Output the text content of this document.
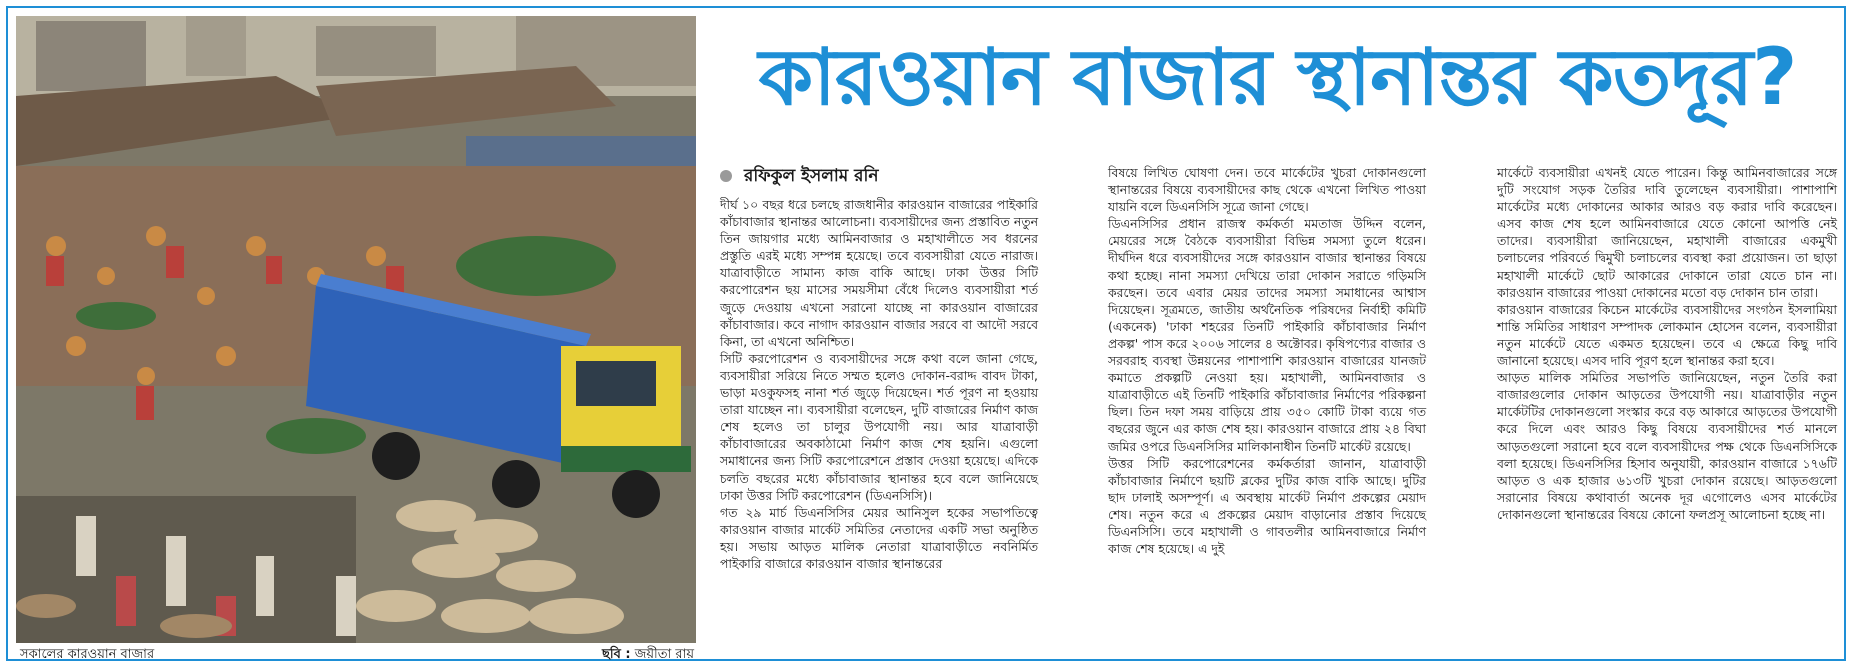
সকালের কারওয়ান বাজার	ছবি : জয়ীতা রায়
কারওয়ান বাজার স্থানান্তর কতদূর?
রফিকুল ইসলাম রনি

দীর্ঘ ১০ বছর ধরে চলছে রাজধানীর কারওয়ান বাজারের পাইকারি কাঁচাবাজার স্থানান্তর আলোচনা। ব্যবসায়ীদের জন্য প্রস্তাবিত নতুন তিন জায়গার মধ্যে আমিনবাজার ও মহাখালীতে সব ধরনের প্রস্তুতি এরই মধ্যে সম্পন্ন হয়েছে। তবে ব্যবসায়ীরা যেতে নারাজ। যাত্রাবাড়ীতে সামান্য কাজ বাকি আছে। ঢাকা উত্তর সিটি করপোরেশন ছয় মাসের সময়সীমা বেঁধে দিলেও ব্যবসায়ীরা শর্ত জুড়ে দেওয়ায় এখনো সরানো যাচ্ছে না কারওয়ান বাজারের কাঁচাবাজার। কবে নাগাদ কারওয়ান বাজার সরবে বা আদৌ সরবে কিনা, তা এখনো অনিশ্চিত।

সিটি করপোরেশন ও ব্যবসায়ীদের সঙ্গে কথা বলে জানা গেছে, ব্যবসায়ীরা সরিয়ে নিতে সম্মত হলেও দোকান-বরাদ্দ বাবদ টাকা, ভাড়া মওকুফসহ নানা শর্ত জুড়ে দিয়েছেন। শর্ত পূরণ না হওয়ায় তারা যাচ্ছেন না। ব্যবসায়ীরা বলেছেন, দুটি বাজারের নির্মাণ কাজ শেষ হলেও তা চালুর উপযোগী নয়। আর যাত্রাবাড়ী কাঁচাবাজারের অবকাঠামো নির্মাণ কাজ শেষ হয়নি। এগুলো সমাধানের জন্য সিটি করপোরেশনে প্রস্তাব দেওয়া হয়েছে। এদিকে চলতি বছরের মধ্যে কাঁচাবাজার স্থানান্তর হবে বলে জানিয়েছে ঢাকা উত্তর সিটি করপোরেশন (ডিএনসিসি)।

গত ২৯ মার্চ ডিএনসিসির মেয়র আনিসুল হকের সভাপতিত্বে কারওয়ান বাজার মার্কেট সমিতির নেতাদের একটি সভা অনুষ্ঠিত হয়। সভায় আড়ত মালিক নেতারা যাত্রাবাড়ীতে নবনির্মিত পাইকারি বাজারে কারওয়ান বাজার স্থানান্তরের

বিষয়ে লিখিত ঘোষণা দেন। তবে মার্কেটের খুচরা দোকানগুলো স্থানান্তরের বিষয়ে ব্যবসায়ীদের কাছ থেকে এখনো লিখিত পাওয়া যায়নি বলে ডিএনসিসি সূত্রে জানা গেছে।

ডিএনসিসির প্রধান রাজস্ব কর্মকর্তা মমতাজ উদ্দিন বলেন, মেয়রের সঙ্গে বৈঠকে ব্যবসায়ীরা বিভিন্ন সমস্যা তুলে ধরেন। দীর্ঘদিন ধরে ব্যবসায়ীদের সঙ্গে কারওয়ান বাজার স্থানান্তর বিষয়ে কথা হচ্ছে। নানা সমস্যা দেখিয়ে তারা দোকান সরাতে গড়িমসি করছেন। তবে এবার মেয়র তাদের সমস্যা সমাধানের আশ্বাস দিয়েছেন। সূত্রমতে, জাতীয় অর্থনৈতিক পরিষদের নির্বাহী কমিটি (একনেক) 'ঢাকা শহরের তিনটি পাইকারি কাঁচাবাজার নির্মাণ প্রকল্প' পাস করে ২০০৬ সালের ৪ অক্টোবর। কৃষিপণ্যের বাজার ও সরবরাহ ব্যবস্থা উন্নয়নের পাশাপাশি কারওয়ান বাজারের যানজট কমাতে প্রকল্পটি নেওয়া হয়। মহাখালী, আমিনবাজার ও যাত্রাবাড়ীতে এই তিনটি পাইকারি কাঁচাবাজার নির্মাণের পরিকল্পনা ছিল। তিন দফা সময় বাড়িয়ে প্রায় ৩৫০ কোটি টাকা ব্যয়ে গত বছরের জুনে এর কাজ শেষ হয়। কারওয়ান বাজারে প্রায় ২৪ বিঘা জমির ওপরে ডিএনসিসির মালিকানাধীন তিনটি মার্কেট রয়েছে।

উত্তর সিটি করপোরেশনের কর্মকর্তারা জানান, যাত্রাবাড়ী কাঁচাবাজার নির্মাণে ছয়টি ব্লকের দুটির কাজ বাকি আছে। দুটির ছাদ ঢালাই অসম্পূর্ণ। এ অবস্থায় মার্কেট নির্মাণ প্রকল্পের মেয়াদ শেষ। নতুন করে এ প্রকল্পের মেয়াদ বাড়ানোর প্রস্তাব দিয়েছে ডিএনসিসি। তবে মহাখালী ও গাবতলীর আমিনবাজারে নির্মাণ কাজ শেষ হয়েছে। এ দুই

মার্কেটে ব্যবসায়ীরা এখনই যেতে পারেন। কিন্তু আমিনবাজারের সঙ্গে দুটি সংযোগ সড়ক তৈরির দাবি তুলেছেন ব্যবসায়ীরা। পাশাপাশি মার্কেটের মধ্যে দোকানের আকার আরও বড় করার দাবি করেছেন। এসব কাজ শেষ হলে আমিনবাজারে যেতে কোনো আপত্তি নেই তাদের। ব্যবসায়ীরা জানিয়েছেন, মহাখালী বাজারের একমুখী চলাচলের পরিবর্তে দ্বিমুখী চলাচলের ব্যবস্থা করা প্রয়োজন। তা ছাড়া মহাখালী মার্কেটে ছোট আকারের দোকানে তারা যেতে চান না। কারওয়ান বাজারের পাওয়া দোকানের মতো বড় দোকান চান তারা।

কারওয়ান বাজারের কিচেন মার্কেটের ব্যবসায়ীদের সংগঠন ইসলামিয়া শান্তি সমিতির সাধারণ সম্পাদক লোকমান হোসেন বলেন, ব্যবসায়ীরা নতুন মার্কেটে যেতে একমত হয়েছেন। তবে এ ক্ষেত্রে কিছু দাবি জানানো হয়েছে। এসব দাবি পূরণ হলে স্থানান্তর করা হবে।

আড়ত মালিক সমিতির সভাপতি জানিয়েছেন, নতুন তৈরি করা বাজারগুলোর দোকান আড়তের উপযোগী নয়। যাত্রাবাড়ীর নতুন মার্কেটটির দোকানগুলো সংস্কার করে বড় আকারে আড়তের উপযোগী করে দিলে এবং আরও কিছু বিষয়ে ব্যবসায়ীদের শর্ত মানলে আড়তগুলো সরানো হবে বলে ব্যবসায়ীদের পক্ষ থেকে ডিএনসিসিকে বলা হয়েছে। ডিএনসিসির হিসাব অনুযায়ী, কারওয়ান বাজারে ১৭৬টি আড়ত ও এক হাজার ৬১৩টি খুচরা দোকান রয়েছে। আড়তগুলো সরানোর বিষয়ে কথাবার্তা অনেক দূর এগোলেও এসব মার্কেটের দোকানগুলো স্থানান্তরের বিষয়ে কোনো ফলপ্রসূ আলোচনা হচ্ছে না।
